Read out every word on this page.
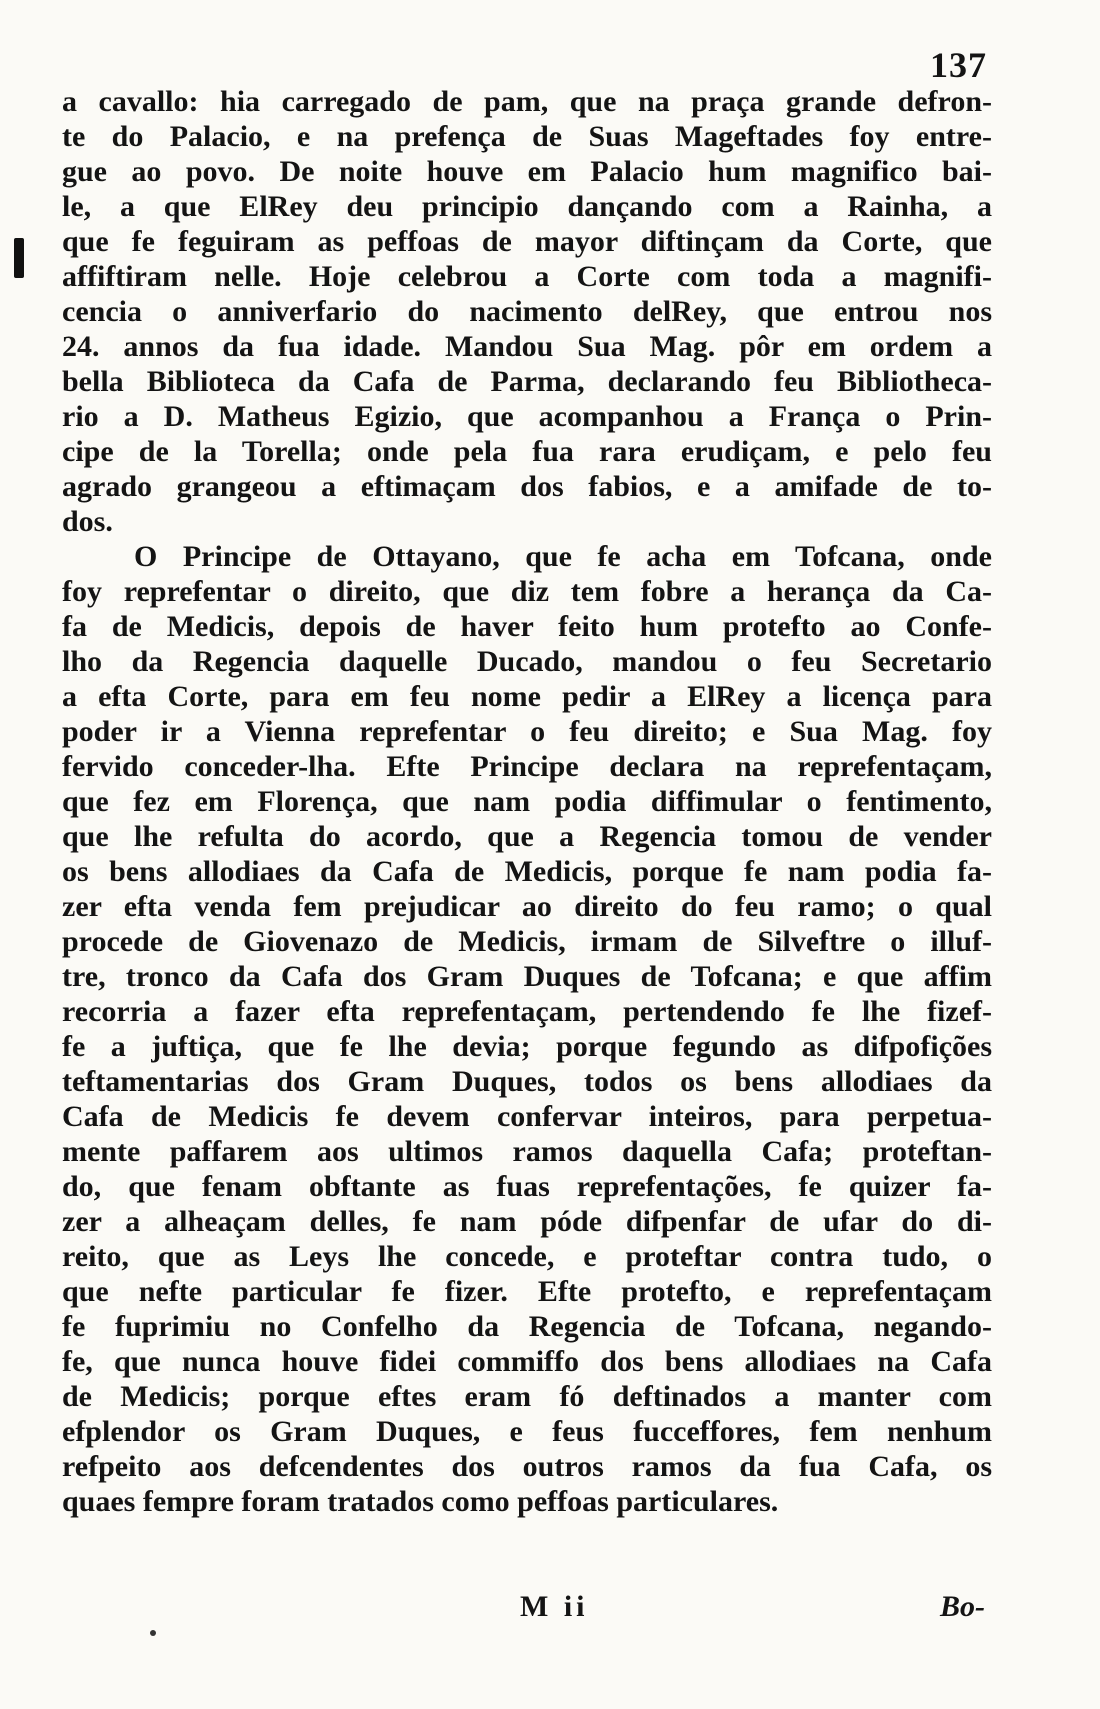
137
a cavallo: hia carregado de pam, que na praça grande defron-
te do Palacio, e na prefença de Suas Mageftades foy entre-
gue ao povo. De noite houve em Palacio hum magnifico bai-
le, a que ElRey deu principio dançando com a Rainha, a
que fe feguiram as peffoas de mayor diftinçam da Corte, que
affiftiram nelle. Hoje celebrou a Corte com toda a magnifi-
cencia o anniverfario do nacimento delRey, que entrou nos
24. annos da fua idade. Mandou Sua Mag. pôr em ordem a
bella Biblioteca da Cafa de Parma, declarando feu Bibliotheca-
rio a D. Matheus Egizio, que acompanhou a França o Prin-
cipe de la Torella; onde pela fua rara erudiçam, e pelo feu
agrado grangeou a eftimaçam dos fabios, e a amifade de to-
dos.
O Principe de Ottayano, que fe acha em Tofcana, onde
foy reprefentar o direito, que diz tem fobre a herança da Ca-
fa de Medicis, depois de haver feito hum protefto ao Confe-
lho da Regencia daquelle Ducado, mandou o feu Secretario
a efta Corte, para em feu nome pedir a ElRey a licença para
poder ir a Vienna reprefentar o feu direito; e Sua Mag. foy
fervido conceder-lha. Efte Principe declara na reprefentaçam,
que fez em Florença, que nam podia diffimular o fentimento,
que lhe refulta do acordo, que a Regencia tomou de vender
os bens allodiaes da Cafa de Medicis, porque fe nam podia fa-
zer efta venda fem prejudicar ao direito do feu ramo; o qual
procede de Giovenazo de Medicis, irmam de Silveftre o illuf-
tre, tronco da Cafa dos Gram Duques de Tofcana; e que affim
recorria a fazer efta reprefentaçam, pertendendo fe lhe fizef-
fe a juftiça, que fe lhe devia; porque fegundo as difpofições
teftamentarias dos Gram Duques, todos os bens allodiaes da
Cafa de Medicis fe devem confervar inteiros, para perpetua-
mente paffarem aos ultimos ramos daquella Cafa; proteftan-
do, que fenam obftante as fuas reprefentações, fe quizer fa-
zer a alheaçam delles, fe nam póde difpenfar de ufar do di-
reito, que as Leys lhe concede, e proteftar contra tudo, o
que nefte particular fe fizer. Efte protefto, e reprefentaçam
fe fuprimiu no Confelho da Regencia de Tofcana, negando-
fe, que nunca houve fidei commiffo dos bens allodiaes na Cafa
de Medicis; porque eftes eram fó deftinados a manter com
efplendor os Gram Duques, e feus fucceffores, fem nenhum
refpeito aos defcendentes dos outros ramos da fua Cafa, os
quaes fempre foram tratados como peffoas particulares.
M ii	Bo-
